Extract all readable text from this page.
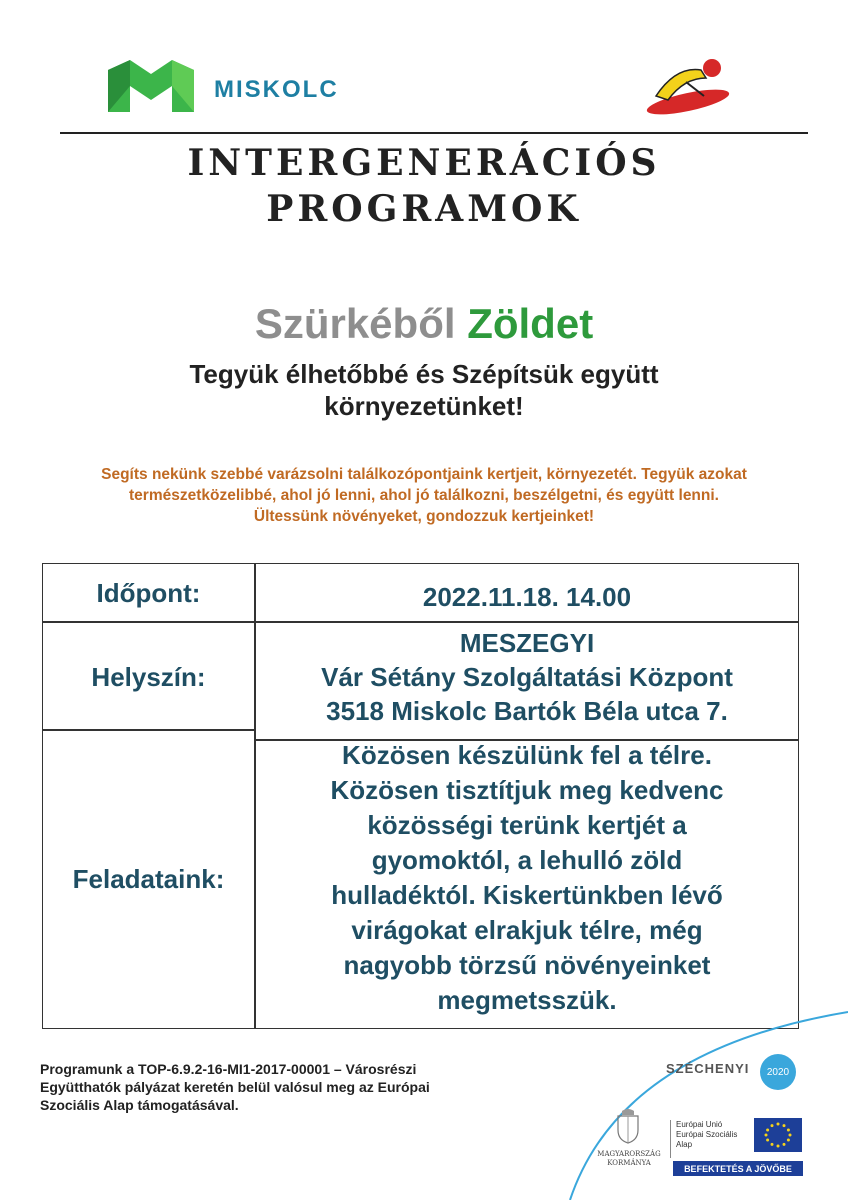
MISKOLC
INTERGENERÁCIÓS
PROGRAMOK
Szürkéből Zöldet
Tegyük élhetőbbé és Szépítsük együtt
környezetünket!
Segíts nekünk szebbé varázsolni találkozópontjaink kertjeit, környezetét. Tegyük azokat
természetközelibbé, ahol jó lenni, ahol jó találkozni, beszélgetni, és együtt lenni.
Ültessünk növényeket, gondozzuk kertjeinket!
Időpont:	2022.11.18. 14.00
Helyszín:
MESZEGYI
Vár Sétány Szolgáltatási Központ
3518 Miskolc Bartók Béla utca 7.
Feladataink:
Közösen készülünk fel a télre.
Közösen tisztítjuk meg kedvenc
közösségi terünk kertjét a
gyomoktól, a lehulló zöld
hulladéktól. Kiskertünkben lévő
virágokat elrakjuk télre, még
nagyobb törzsű növényeinket
megmetsszük.
Programunk a TOP-6.9.2-16-MI1-2017-00001 – Városrészi
Együtthatók pályázat keretén belül valósul meg az Európai
Szociális Alap támogatásával.
SZÉCHENYI	2020
MAGYARORSZÁG
KORMÁNYA
Európai Unió
Európai Szociális
Alap
BEFEKTETÉS A JÖVŐBE
